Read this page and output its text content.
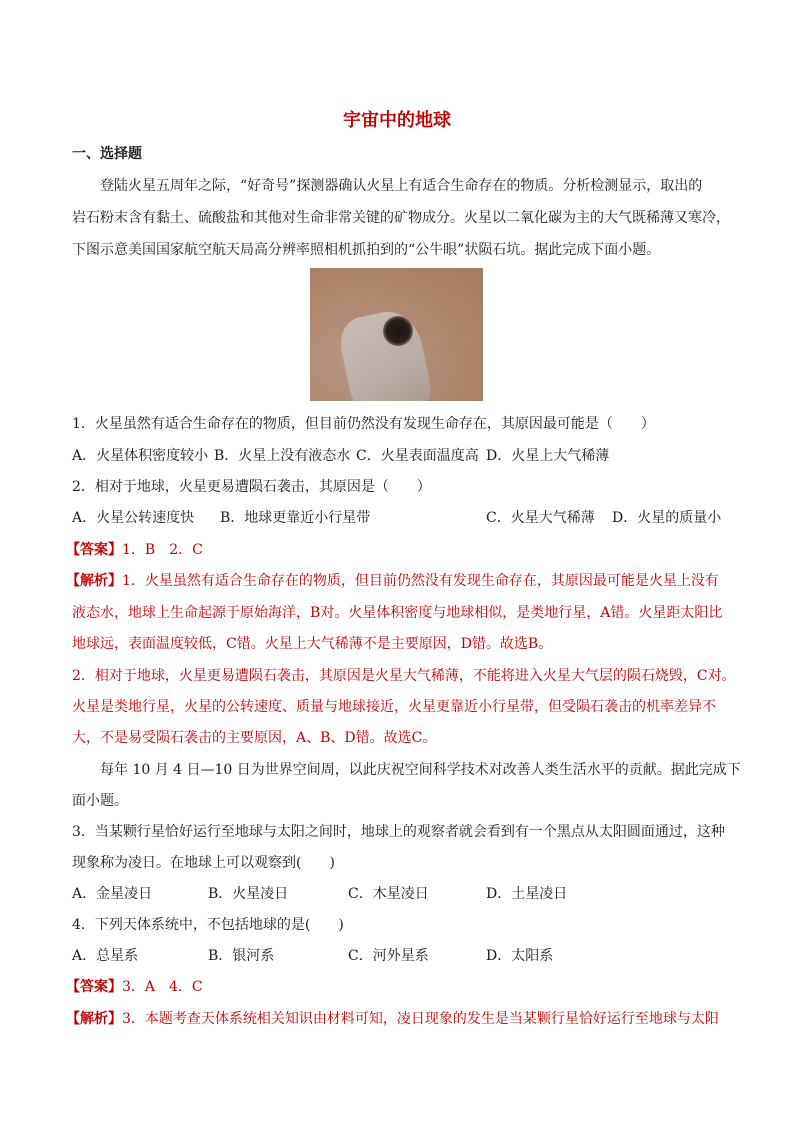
宇宙中的地球
一、选择题
登陆火星五周年之际，“好奇号”探测器确认火星上有适合生命存在的物质。分析检测显示，取出的
岩石粉末含有黏土、硫酸盐和其他对生命非常关键的矿物成分。火星以二氧化碳为主的大气既稀薄又寒冷，
下图示意美国国家航空航天局高分辨率照相机抓拍到的“公牛眼”状陨石坑。据此完成下面小题。
1．火星虽然有适合生命存在的物质，但目前仍然没有发现生命存在，其原因最可能是（　　）
A．火星体积密度较小 B．火星上没有液态水 C．火星表面温度高 D．火星上大气稀薄
2．相对于地球，火星更易遭陨石袭击，其原因是（　　）
A．火星公转速度快 B．地球更靠近小行星带	C．火星大气稀薄 D．火星的质量小
【答案】1．B　2．C
【解析】1．火星虽然有适合生命存在的物质，但目前仍然没有发现生命存在，其原因最可能是火星上没有
液态水，地球上生命起源于原始海洋，B对。火星体积密度与地球相似，是类地行星，A错。火星距太阳比
地球远，表面温度较低，C错。火星上大气稀薄不是主要原因，D错。故选B。
2．相对于地球，火星更易遭陨石袭击，其原因是火星大气稀薄，不能将进入火星大气层的陨石烧毁，C对。
火星是类地行星，火星的公转速度、质量与地球接近，火星更靠近小行星带，但受陨石袭击的机率差异不
大，不是易受陨石袭击的主要原因，A、B、D错。故选C。
每年 10 月 4 日—10 日为世界空间周，以此庆祝空间科学技术对改善人类生活水平的贡献。据此完成下
面小题。
3．当某颗行星恰好运行至地球与太阳之间时，地球上的观察者就会看到有一个黑点从太阳圆面通过，这种
现象称为凌日。在地球上可以观察到(　　)
A．金星凌日	B．火星凌日	C．木星凌日	D．土星凌日
4．下列天体系统中，不包括地球的是(　　)
A．总星系	B．银河系	C．河外星系	D．太阳系
【答案】3．A　4．C
【解析】3．本题考查天体系统相关知识由材料可知，凌日现象的发生是当某颗行星恰好运行至地球与太阳
